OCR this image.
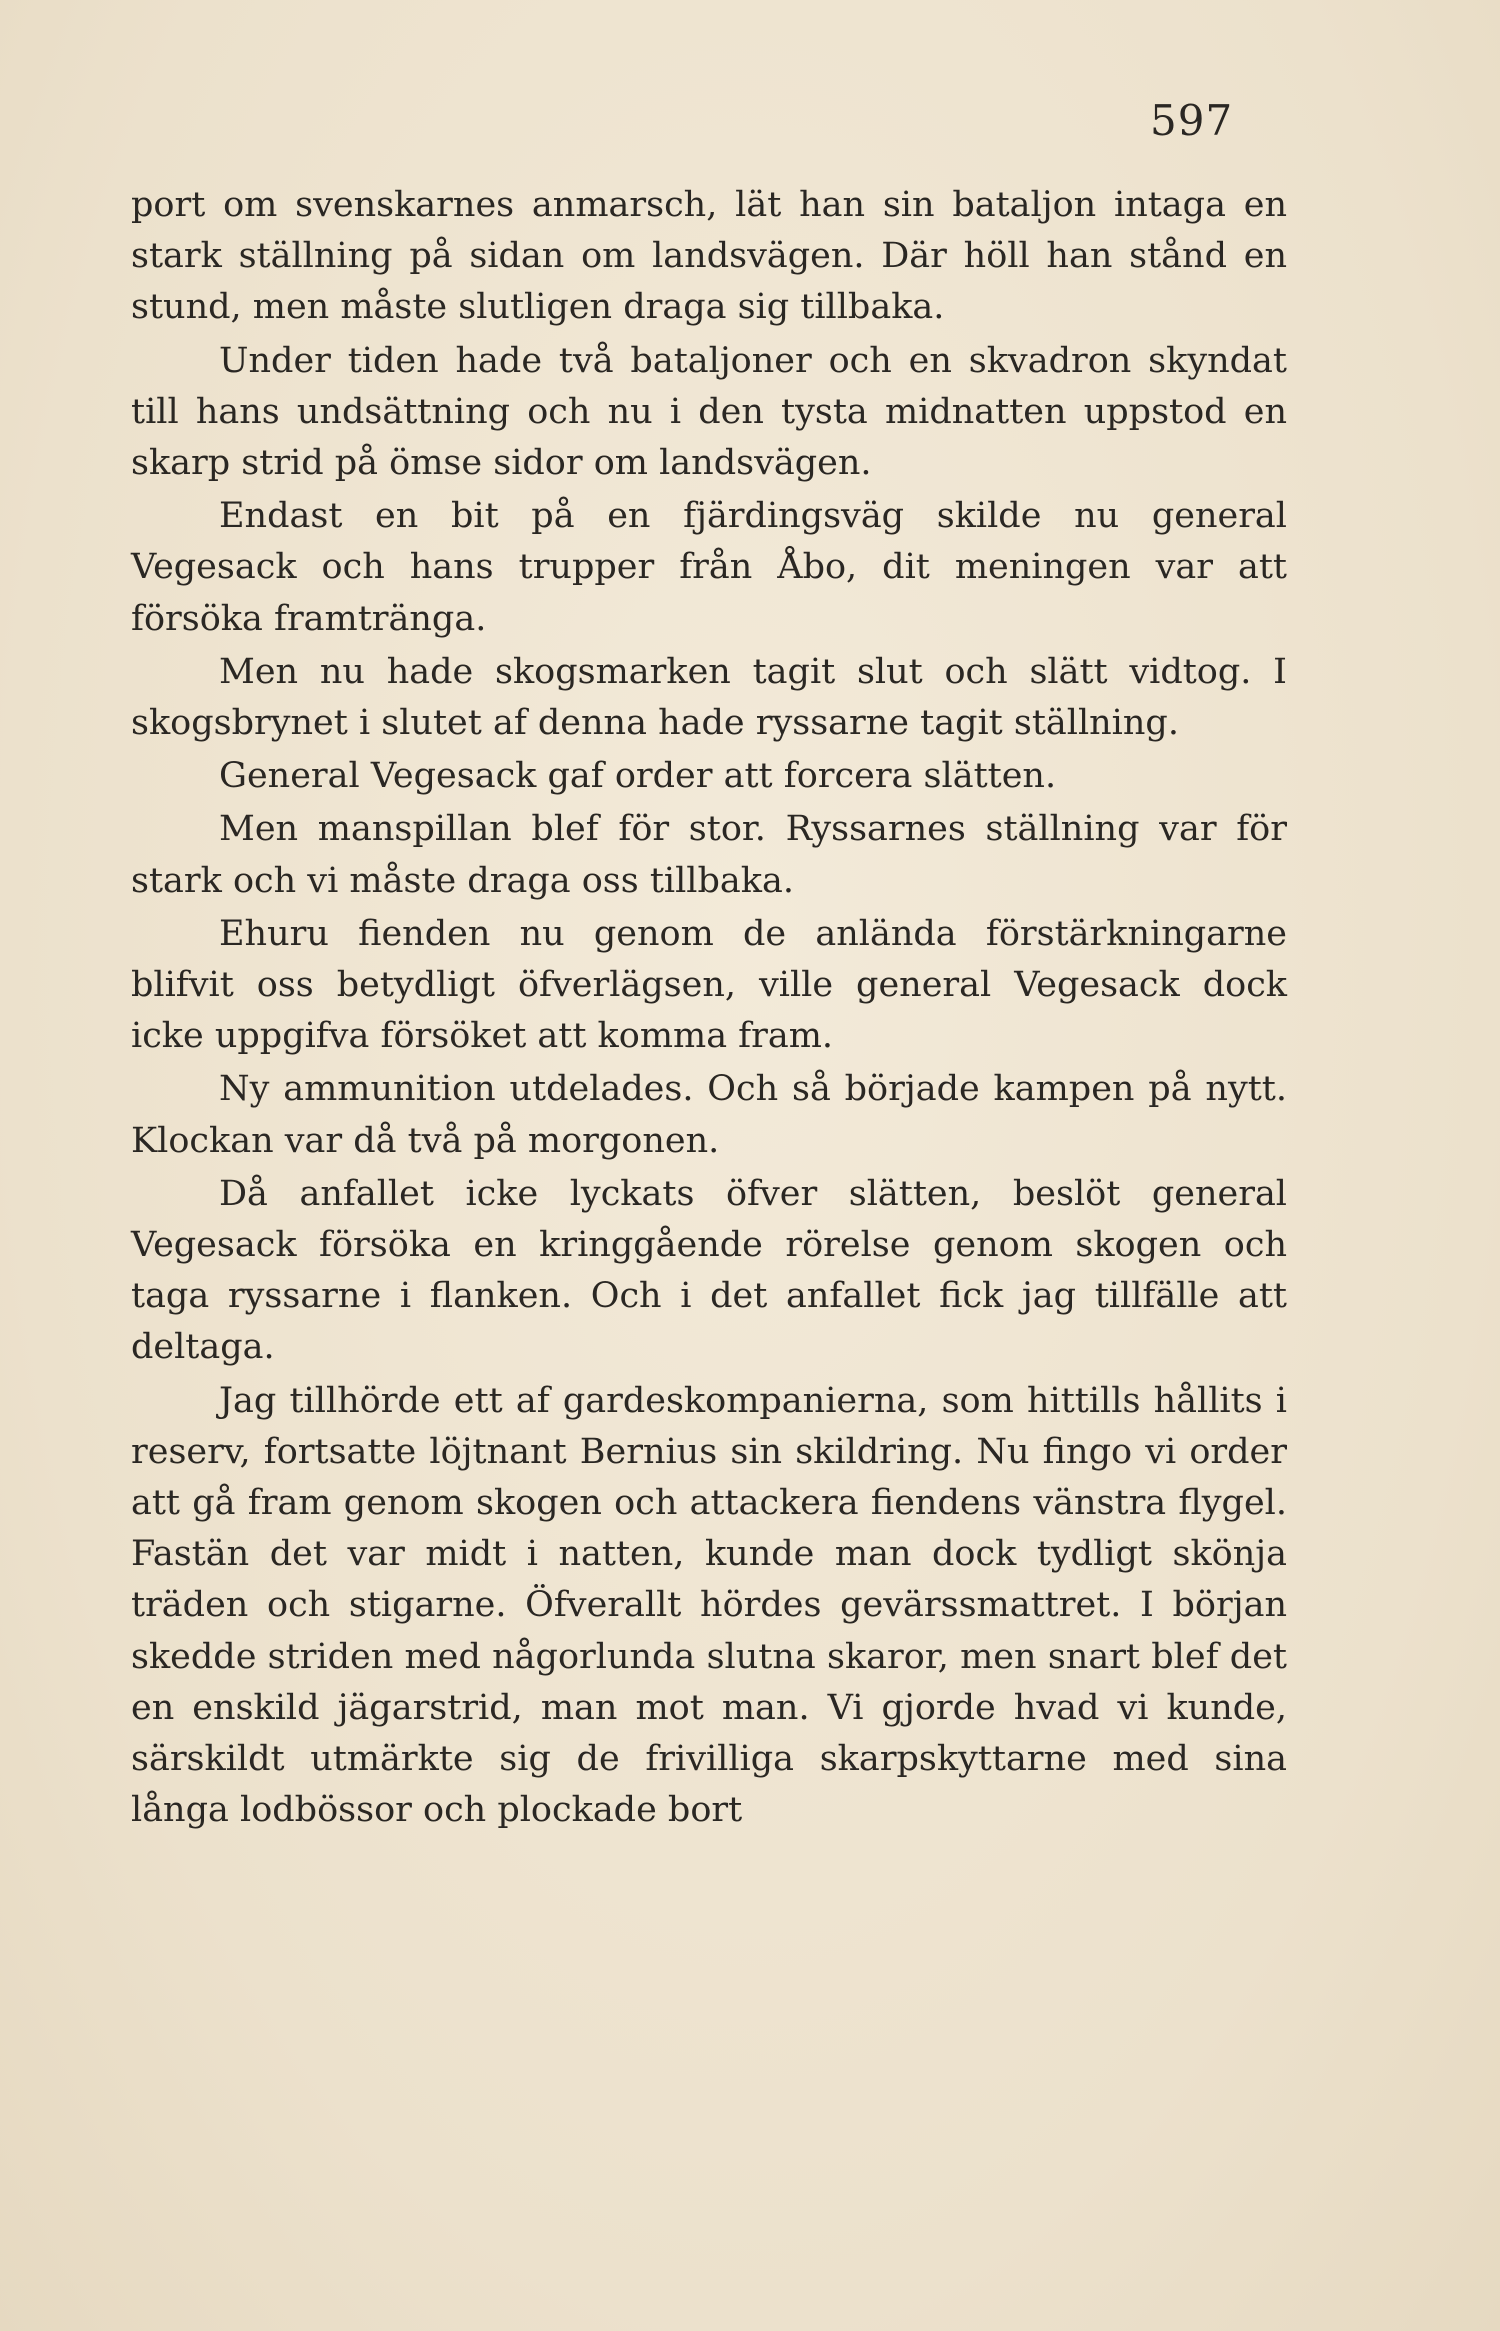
597

port om svenskarnes anmarsch, lät han sin bataljon intaga en stark ställning på sidan om landsvägen. Där höll han stånd en stund, men måste slutligen draga sig tillbaka.

Under tiden hade två bataljoner och en skvadron skyndat till hans undsättning och nu i den tysta midnatten uppstod en skarp strid på ömse sidor om landsvägen.

Endast en bit på en fjärdingsväg skilde nu general Vegesack och hans trupper från Åbo, dit meningen var att försöka framtränga.

Men nu hade skogsmarken tagit slut och slätt vidtog. I skogsbrynet i slutet af denna hade ryssarne tagit ställning.

General Vegesack gaf order att forcera slätten.

Men manspillan blef för stor. Ryssarnes ställning var för stark och vi måste draga oss tillbaka.

Ehuru fienden nu genom de anlända förstärkningarne blifvit oss betydligt öfverlägsen, ville general Vegesack dock icke uppgifva försöket att komma fram.

Ny ammunition utdelades. Och så började kampen på nytt. Klockan var då två på morgonen.

Då anfallet icke lyckats öfver slätten, beslöt general Vegesack försöka en kringgående rörelse genom skogen och taga ryssarne i flanken. Och i det anfallet fick jag tillfälle att deltaga.

Jag tillhörde ett af gardeskompanierna, som hittills hållits i reserv, fortsatte löjtnant Bernius sin skildring. Nu fingo vi order att gå fram genom skogen och attackera fiendens vänstra flygel. Fastän det var midt i natten, kunde man dock tydligt skönja träden och stigarne. Öfverallt hördes gevärssmattret. I början skedde striden med någorlunda slutna skaror, men snart blef det en enskild jägarstrid, man mot man. Vi gjorde hvad vi kunde, särskildt utmärkte sig de frivilliga skarpskyttarne med sina långa lodbössor och plockade bort
